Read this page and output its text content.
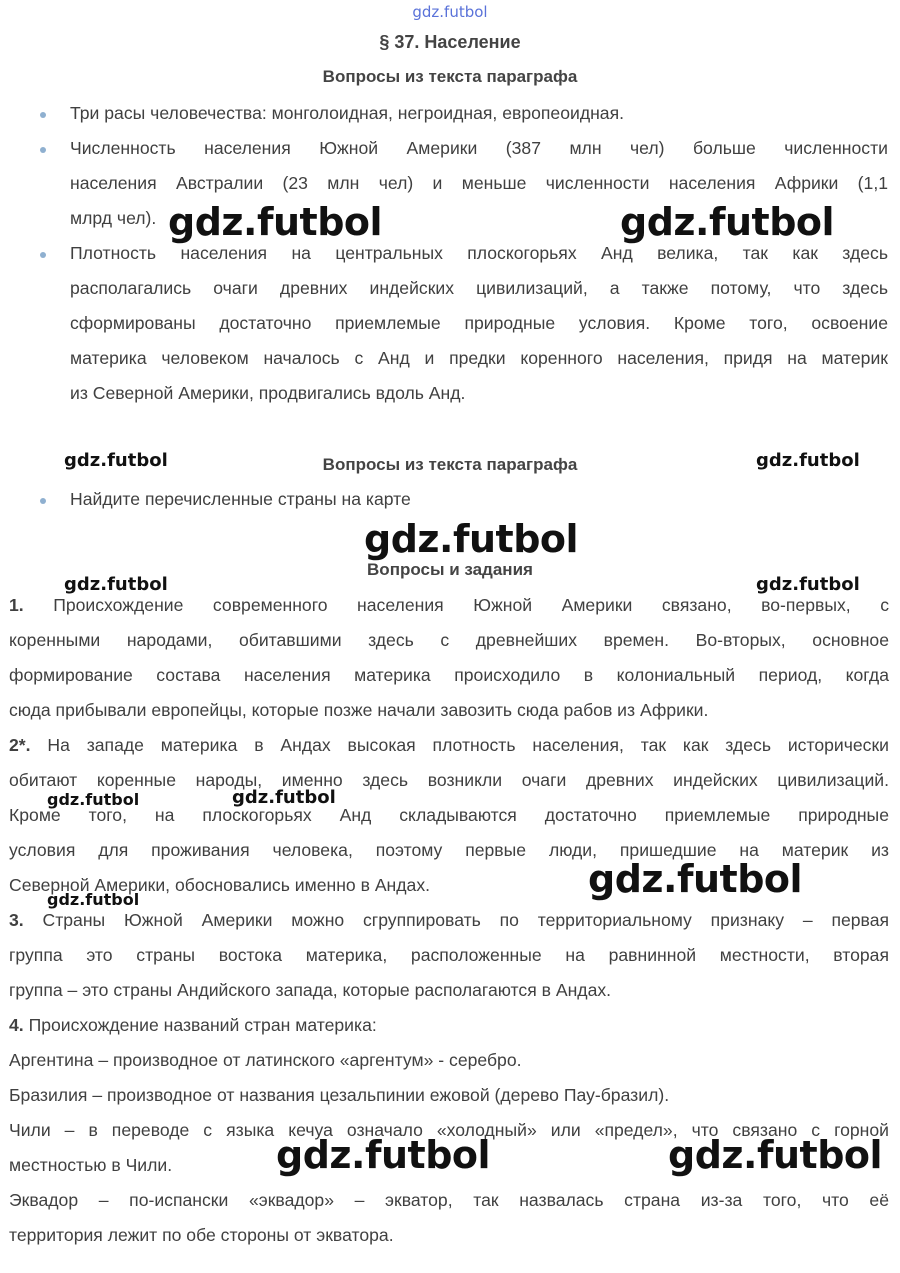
gdz.futbol
§ 37. Население
Вопросы из текста параграфа
Три расы человечества: монголоидная, негроидная, европеоидная.
Численность населения Южной Америки (387 млн чел) больше численности
населения Австралии (23 млн чел) и меньше численности населения Африки (1,1
млрд чел).
Плотность населения на центральных плоскогорьях Анд велика, так как здесь
располагались очаги древних индейских цивилизаций, а также потому, что здесь
сформированы достаточно приемлемые природные условия. Кроме того, освоение
материка человеком началось с Анд и предки коренного населения, придя на материк
из Северной Америки, продвигались вдоль Анд.
Вопросы из текста параграфа
Найдите перечисленные страны на карте
Вопросы и задания
1. Происхождение современного населения Южной Америки связано, во-первых, с
коренными народами, обитавшими здесь с древнейших времен. Во-вторых, основное
формирование состава населения материка происходило в колониальный период, когда
сюда прибывали европейцы, которые позже начали завозить сюда рабов из Африки.
2*. На западе материка в Андах высокая плотность населения, так как здесь исторически
обитают коренные народы, именно здесь возникли очаги древних индейских цивилизаций.
Кроме того, на плоскогорьях Анд складываются достаточно приемлемые природные
условия для проживания человека, поэтому первые люди, пришедшие на материк из
Северной Америки, обосновались именно в Андах.
3. Страны Южной Америки можно сгруппировать по территориальному признаку – первая
группа это страны востока материка, расположенные на равнинной местности, вторая
группа – это страны Андийского запада, которые располагаются в Андах.
4. Происхождение названий стран материка:
Аргентина – производное от латинского «аргентум» - серебро.
Бразилия – производное от названия цезальпинии ежовой (дерево Пау-бразил).
Чили – в переводе с языка кечуа означало «холодный» или «предел», что связано с горной
местностью в Чили.
Эквадор – по-испански «эквадор» – экватор, так назвалась страна из-за того, что её
территория лежит по обе стороны от экватора.
gdz.futbol	gdz.futbol
gdz.futbol	gdz.futbol
gdz.futbol
gdz.futbol	gdz.futbol
gdz.futbol	gdz.futbol
gdz.futbol	gdz.futbol
gdz.futbol	gdz.futbol
